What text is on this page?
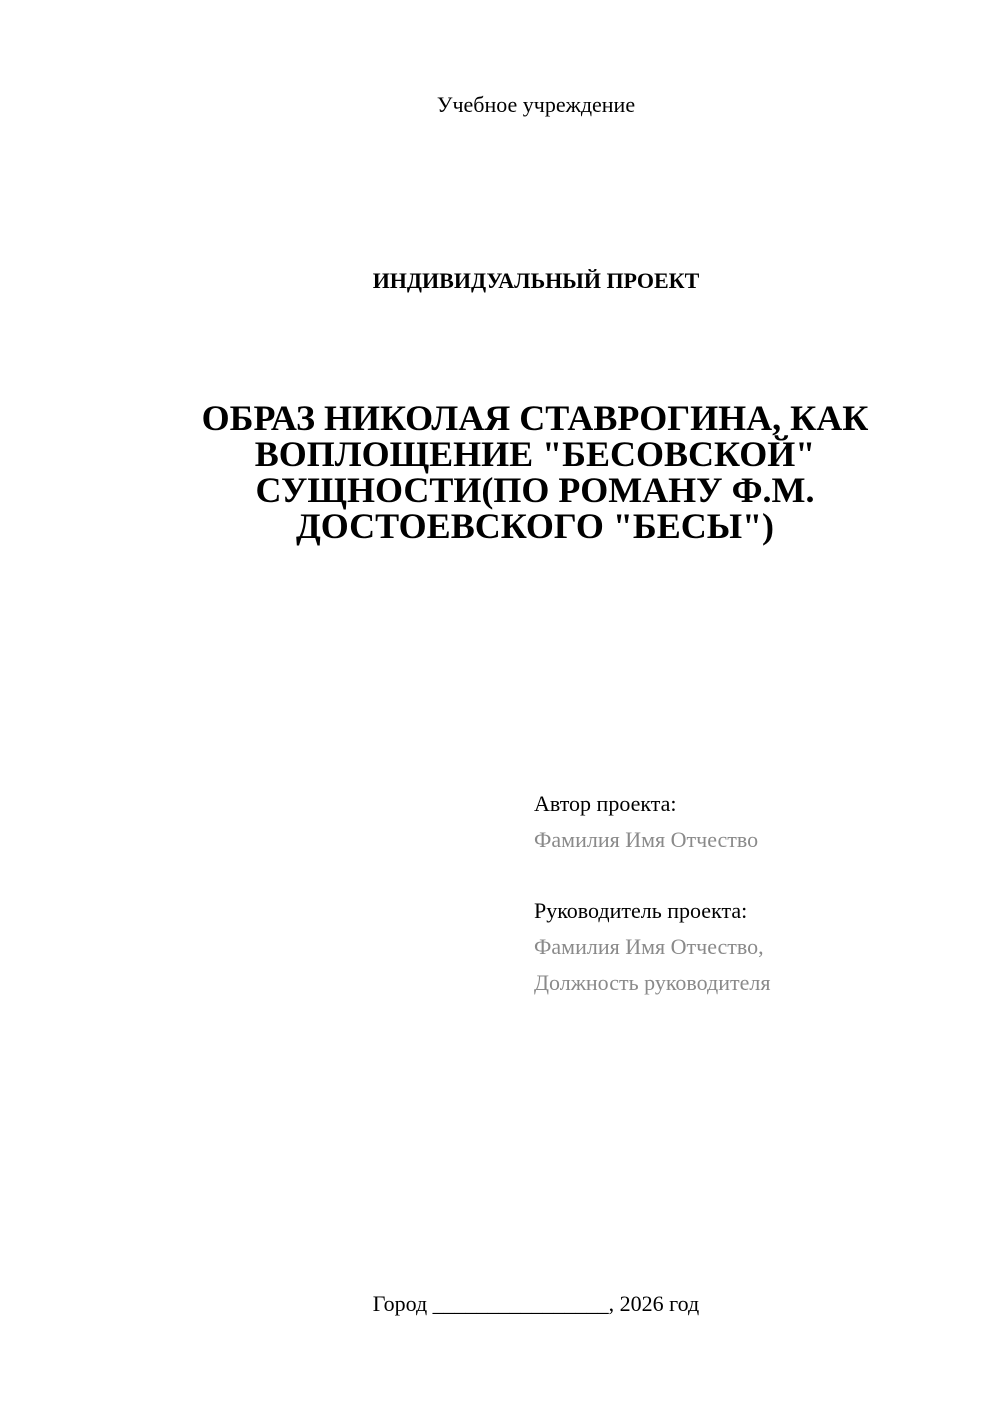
Учебное учреждение
ИНДИВИДУАЛЬНЫЙ ПРОЕКТ
ОБРАЗ НИКОЛАЯ СТАВРОГИНА, КАК
ВОПЛОЩЕНИЕ "БЕСОВСКОЙ"
СУЩНОСТИ(ПО РОМАНУ Ф.М.
ДОСТОЕВСКОГО "БЕСЫ")
Автор проекта:
Фамилия Имя Отчество
Руководитель проекта:
Фамилия Имя Отчество,
Должность руководителя
Город ________________, 2026 год
